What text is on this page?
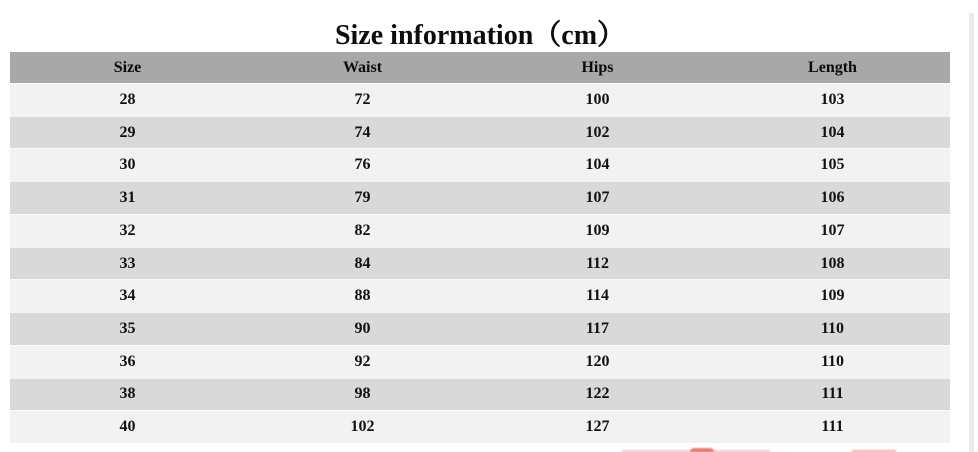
Size information（cm）
Size	Waist	Hips	Length
28	72	100	103
29	74	102	104
30	76	104	105
31	79	107	106
32	82	109	107
33	84	112	108
34	88	114	109
35	90	117	110
36	92	120	110
38	98	122	111
40	102	127	111
